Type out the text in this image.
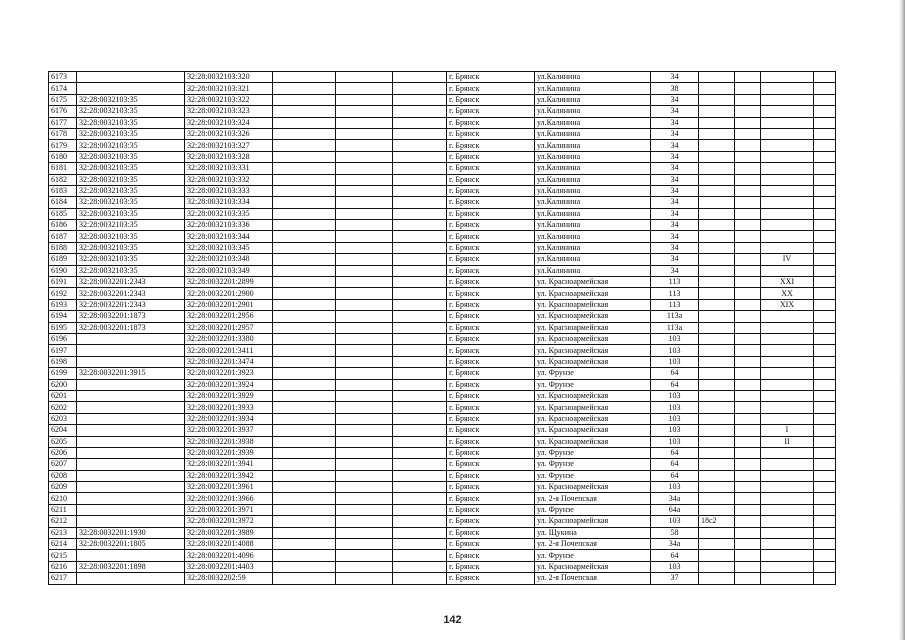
6173		32:28:0032103:320				г. Брянск	ул.Калинина	34				
6174		32:28:0032103:321				г. Брянск	ул.Калинина	38				
6175	32:28:0032103:35	32:28:0032103:322				г. Брянск	ул.Калинина	34				
6176	32:28:0032103:35	32:28:0032103:323				г. Брянск	ул.Калинина	34				
6177	32:28:0032103:35	32:28:0032103:324				г. Брянск	ул.Калинина	34				
6178	32:28:0032103:35	32:28:0032103:326				г. Брянск	ул.Калинина	34				
6179	32:28:0032103:35	32:28:0032103:327				г. Брянск	ул.Калинина	34				
6180	32:28:0032103:35	32:28:0032103:328				г. Брянск	ул.Калинина	34				
6181	32:28:0032103:35	32:28:0032103:331				г. Брянск	ул.Калинина	34				
6182	32:28:0032103:35	32:28:0032103:332				г. Брянск	ул.Калинина	34				
6183	32:28:0032103:35	32:28:0032103:333				г. Брянск	ул.Калинина	34				
6184	32:28:0032103:35	32:28:0032103:334				г. Брянск	ул.Калинина	34				
6185	32:28:0032103:35	32:28:0032103:335				г. Брянск	ул.Калинина	34				
6186	32:28:0032103:35	32:28:0032103:336				г. Брянск	ул.Калинина	34				
6187	32:28:0032103:35	32:28:0032103:344				г. Брянск	ул.Калинина	34				
6188	32:28:0032103:35	32:28:0032103:345				г. Брянск	ул.Калинина	34				
6189	32:28:0032103:35	32:28:0032103:348				г. Брянск	ул.Калинина	34			IV	
6190	32:28:0032103:35	32:28:0032103:349				г. Брянск	ул.Калинина	34				
6191	32:28:0032201:2343	32:28:0032201:2899				г. Брянск	ул. Красноармейская	113			XXI	
6192	32:28:0032201:2343	32:28:0032201:2900				г. Брянск	ул. Красноармейская	113			XX	
6193	32:28:0032201:2343	32:28:0032201:2901				г. Брянск	ул. Красноармейская	113			XIX	
6194	32:28:0032201:1873	32:28:0032201:2956				г. Брянск	ул. Красноармейская	113а				
6195	32:28:0032201:1873	32:28:0032201:2957				г. Брянск	ул. Красноармейская	113а				
6196		32:28:0032201:3380				г. Брянск	ул. Красноармейская	103				
6197		32:28:0032201:3411				г. Брянск	ул. Красноармейская	103				
6198		32:28:0032201:3474				г. Брянск	ул. Красноармейская	103				
6199	32:28:0032201:3915	32:28:0032201:3923				г. Брянск	ул. Фрунзе	64				
6200		32:28:0032201:3924				г. Брянск	ул. Фрунзе	64				
6201		32:28:0032201:3929				г. Брянск	ул. Красноармейская	103				
6202		32:28:0032201:3933				г. Брянск	ул. Красноармейская	103				
6203		32:28:0032201:3934				г. Брянск	ул. Красноармейская	103				
6204		32:28:0032201:3937				г. Брянск	ул. Красноармейская	103			I	
6205		32:28:0032201:3938				г. Брянск	ул. Красноармейская	103			II	
6206		32:28:0032201:3939				г. Брянск	ул. Фрунзе	64				
6207		32:28:0032201:3941				г. Брянск	ул. Фрунзе	64				
6208		32:28:0032201:3942				г. Брянск	ул. Фрунзе	64				
6209		32:28:0032201:3961				г. Брянск	ул. Красноармейская	103				
6210		32:28:0032201:3966				г. Брянск	ул. 2-я Почепская	34а				
6211		32:28:0032201:3971				г. Брянск	ул. Фрунзе	64а				
6212		32:28:0032201:3972				г. Брянск	ул. Красноармейская	103	18с2			
6213	32:28:0032201:1930	32:28:0032201:3989				г. Брянск	ул. Щукина	58				
6214	32:28:0032201:1805	32:28:0032201:4088				г. Брянск	ул. 2-я Почепская	34а				
6215		32:28:0032201:4096				г. Брянск	ул. Фрунзе	64				
6216	32:28:0032201:1898	32:28:0032201:4403				г. Брянск	ул. Красноармейская	103				
6217		32:28:0032202:59				г. Брянск	ул. 2-я Почепская	37				
142
